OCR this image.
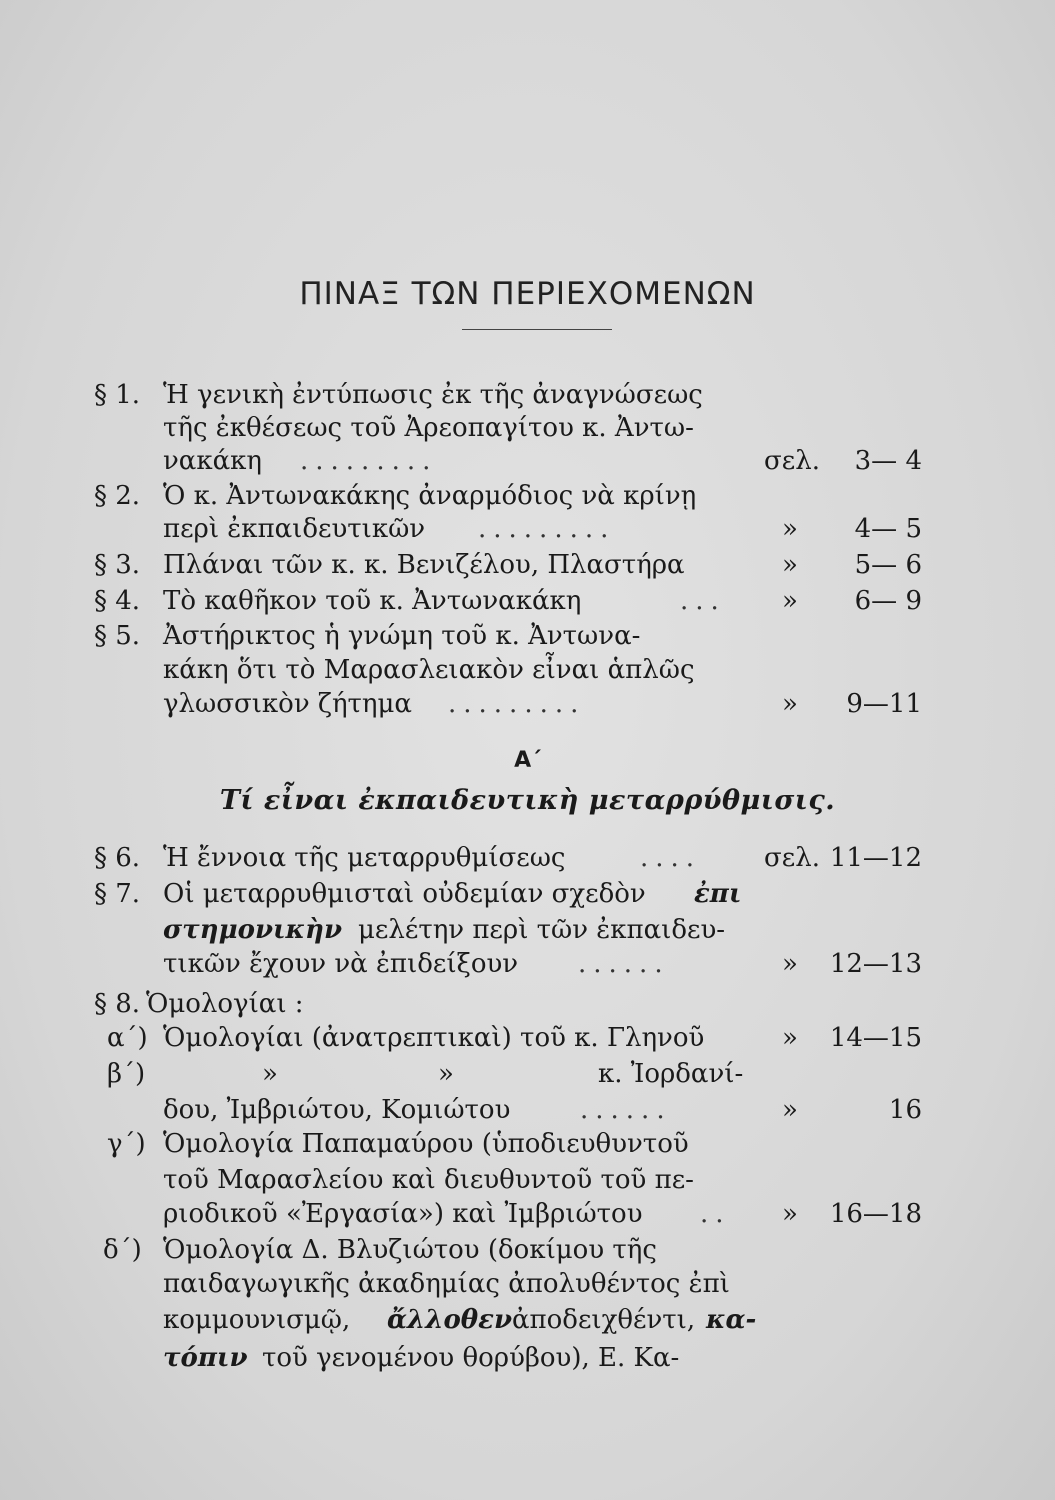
ΠΙΝΑΞ ΤΩΝ ΠΕΡΙΕΧΟΜΕΝΩΝ
§ 1. Ἡ γενικὴ ἐντύπωσις ἐκ τῆς ἀναγνώσεως
τῆς ἐκθέσεως τοῦ Ἀρεοπαγίτου κ. Ἀντω-
νακάκη .........	σελ.	3— 4
§ 2. Ὁ κ. Ἀντωνακάκης ἀναρμόδιος νὰ κρίνῃ
περὶ ἐκπαιδευτικῶν .........	»	4— 5
§ 3. Πλάναι τῶν κ. κ. Βενιζέλου, Πλαστήρα	»	5— 6
§ 4. Τὸ καθῆκον τοῦ κ. Ἀντωνακάκη	... »	6— 9
§ 5. Ἀστήρικτος ἡ γνώμη τοῦ κ. Ἀντωνα-
κάκη ὅτι τὸ Μαρασλειακὸν εἶναι ἁπλῶς
γλωσσικὸν ζήτημα .........	»	9—11
Α΄
Τί εἶναι ἐκπαιδευτικὴ μεταρρύθμισις.
§ 6. Ἡ ἔννοια τῆς μεταρρυθμίσεως	.... σελ. 11—12
§ 7. Οἱ μεταρρυθμισταὶ οὐδεμίαν σχεδὸν ἐπι
στημονικὴν μελέτην περὶ τῶν ἐκπαιδευ-
τικῶν ἔχουν νὰ ἐπιδείξουν ......	»	12—13
§ 8. Ὁμολογίαι :
α΄) Ὁμολογίαι (ἀνατρεπτικαὶ) τοῦ κ. Γληνοῦ	»	14—15
β΄)	»	»	κ. Ἰορδανί-
δου, Ἰμβριώτου, Κομιώτου	......	»	16
γ΄) Ὁμολογία Παπαμαύρου (ὑποδιευθυντοῦ
τοῦ Μαρασλείου καὶ διευθυντοῦ τοῦ πε-
ριοδικοῦ «Ἐργασία») καὶ Ἰμβριώτου .. »	16—18
δ΄) Ὁμολογία Δ. Βλυζιώτου (δοκίμου τῆς
παιδαγωγικῆς ἀκαδημίας ἀπολυθέντος ἐπὶ
κομμουνισμῷ, ἄλλοθεν ἀποδειχθέντι, κα-
τόπιν τοῦ γενομένου θορύβου), Ε. Κα-
